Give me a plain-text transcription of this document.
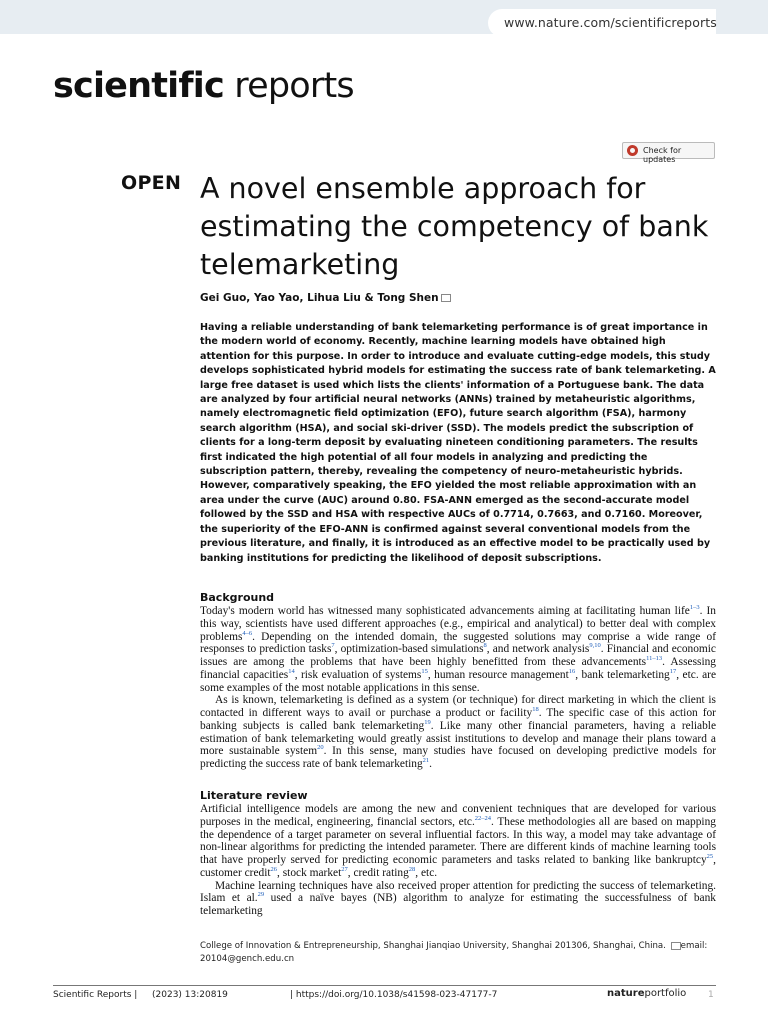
www.nature.com/scientificreports
scientific reports
Check for updates
OPEN A novel ensemble approach for estimating the competency of bank telemarketing
Gei Guo, Yao Yao, Lihua Liu & Tong Shen
Having a reliable understanding of bank telemarketing performance is of great importance in the modern world of economy. Recently, machine learning models have obtained high attention for this purpose. In order to introduce and evaluate cutting-edge models, this study develops sophisticated hybrid models for estimating the success rate of bank telemarketing. A large free dataset is used which lists the clients' information of a Portuguese bank. The data are analyzed by four artificial neural networks (ANNs) trained by metaheuristic algorithms, namely electromagnetic field optimization (EFO), future search algorithm (FSA), harmony search algorithm (HSA), and social ski-driver (SSD). The models predict the subscription of clients for a long-term deposit by evaluating nineteen conditioning parameters. The results first indicated the high potential of all four models in analyzing and predicting the subscription pattern, thereby, revealing the competency of neuro-metaheuristic hybrids. However, comparatively speaking, the EFO yielded the most reliable approximation with an area under the curve (AUC) around 0.80. FSA-ANN emerged as the second-accurate model followed by the SSD and HSA with respective AUCs of 0.7714, 0.7663, and 0.7160. Moreover, the superiority of the EFO-ANN is confirmed against several conventional models from the previous literature, and finally, it is introduced as an effective model to be practically used by banking institutions for predicting the likelihood of deposit subscriptions.
Background

Today's modern world has witnessed many sophisticated advancements aiming at facilitating human life$^{1-3}$. In this way, scientists have used different approaches (e.g., empirical and analytical) to better deal with complex problems$^{4-6}$. Depending on the intended domain, the suggested solutions may comprise a wide range of responses to prediction tasks$^7$, optimization-based simulations$^8$, and network analysis$^{9,10}$. Financial and economic issues are among the problems that have been highly benefitted from these advancements$^{11-13}$. Assessing financial capacities$^{14}$, risk evaluation of systems$^{15}$, human resource management$^{16}$, bank telemarketing$^{17}$, etc. are some examples of the most notable applications in this sense.

As is known, telemarketing is defined as a system (or technique) for direct marketing in which the client is contacted in different ways to avail or purchase a product or facility$^{18}$. The specific case of this action for banking subjects is called bank telemarketing$^{19}$. Like many other financial parameters, having a reliable estimation of bank telemarketing would greatly assist institutions to develop and manage their plans toward a more sustainable system$^{20}$. In this sense, many studies have focused on developing predictive models for predicting the success rate of bank telemarketing$^{21}$.

Literature review

Artificial intelligence models are among the new and convenient techniques that are developed for various purposes in the medical, engineering, financial sectors, etc.$^{22-24}$. These methodologies all are based on mapping the dependence of a target parameter on several influential factors. In this way, a model may take advantage of non-linear algorithms for predicting the intended parameter. There are different kinds of machine learning tools that have properly served for predicting economic parameters and tasks related to banking like bankruptcy$^{25}$, customer credit$^{26}$, stock market$^{27}$, credit rating$^{28}$, etc.

Machine learning techniques have also received proper attention for predicting the success of telemarketing. Islam et al.$^{29}$ used a naïve bayes (NB) algorithm to analyze for estimating the successfulness of bank telemarketing

College of Innovation & Entrepreneurship, Shanghai Jianqiao University, Shanghai 201306, Shanghai, China. email: 20104@gench.edu.cn
Scientific Reports | (2023) 13:20819	| https://doi.org/10.1038/s41598-023-47177-7	natureportfolio 1
